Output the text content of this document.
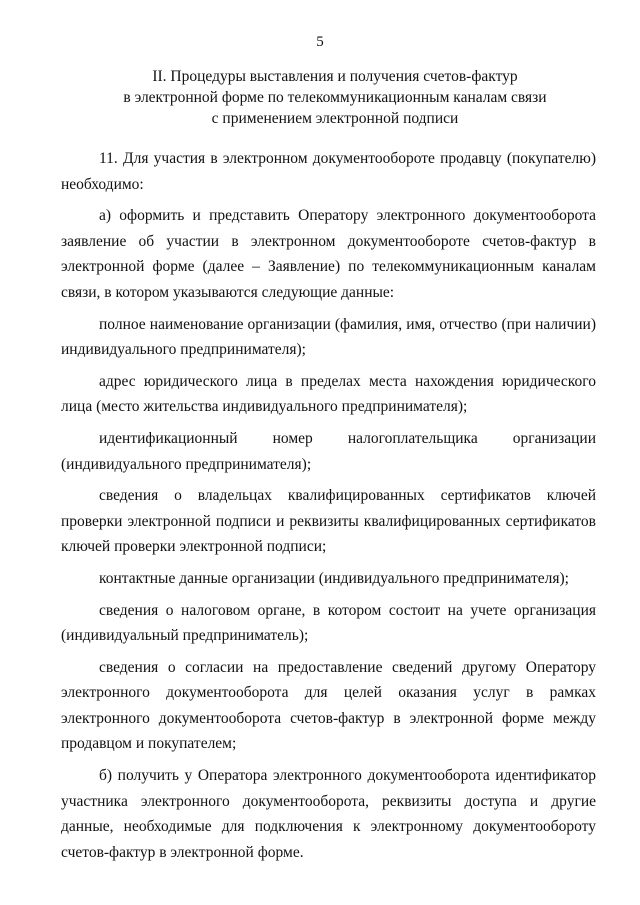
5
II. Процедуры выставления и получения счетов-фактур
в электронной форме по телекоммуникационным каналам связи
с применением электронной подписи

11. Для участия в электронном документообороте продавцу (покупателю) необходимо:

а) оформить и представить Оператору электронного документооборота заявление об участии в электронном документообороте счетов-фактур в электронной форме (далее – Заявление) по телекоммуникационным каналам связи, в котором указываются следующие данные:

полное наименование организации (фамилия, имя, отчество (при наличии) индивидуального предпринимателя);

адрес юридического лица в пределах места нахождения юридического лица (место жительства индивидуального предпринимателя);

идентификационный номер налогоплательщика организации

(индивидуального предпринимателя);

сведения о владельцах квалифицированных сертификатов ключей проверки электронной подписи и реквизиты квалифицированных сертификатов ключей проверки электронной подписи;

контактные данные организации (индивидуального предпринимателя);

сведения о налоговом органе, в котором состоит на учете организация (индивидуальный предприниматель);

сведения о согласии на предоставление сведений другому Оператору электронного документооборота для целей оказания услуг в рамках электронного документооборота счетов-фактур в электронной форме между продавцом и покупателем;

б) получить у Оператора электронного документооборота идентификатор участника электронного документооборота, реквизиты доступа и другие данные, необходимые для подключения к электронному документообороту счетов-фактур в электронной форме.
